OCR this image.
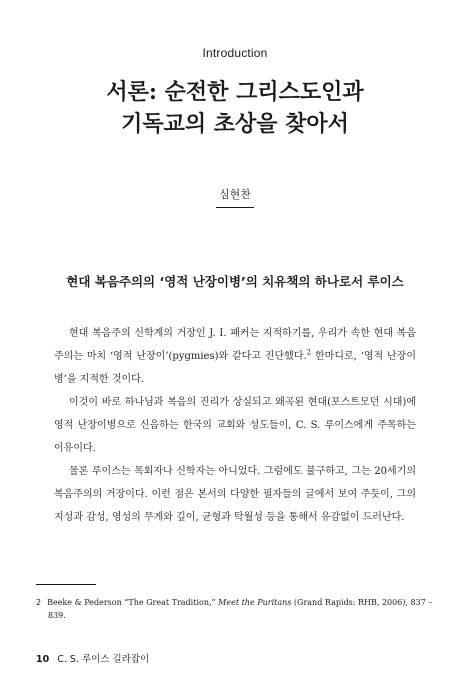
Introduction
서론: 순전한 그리스도인과
기독교의 초상을 찾아서
심현찬
현대 복음주의의 ‘영적 난장이병’의 치유책의 하나로서 루이스

현대 복음주의 신학계의 거장인 J. I. 패커는 지적하기를, 우리가 속한 현대 복음주의는 마치 ‘영적 난장이’(pygmies)와 같다고 진단했다.$^2$ 한마디로, ‘영적 난장이병’을 지적한 것이다.

이것이 바로 하나님과 복음의 진리가 상실되고 왜곡된 현대(포스트모던 시대)에 영적 난장이병으로 신음하는 한국의 교회와 성도들이, C. S. 루이스에게 주목하는 이유이다.

물론 루이스는 목회자나 신학자는 아니었다. 그럼에도 불구하고, 그는 20세기의 복음주의의 거장이다. 이런 점은 본서의 다양한 필자들의 글에서 보여 주듯이, 그의 지성과 감성, 영성의 무게와 깊이, 균형과 탁월성 등을 통해서 유감없이 드러난다.

2 Beeke & Pederson “The Great Tradition,” Meet the Puritans (Grand Rapids: RHB, 2006), 837 –
839.
10 C. S. 루이스 길라잡이
